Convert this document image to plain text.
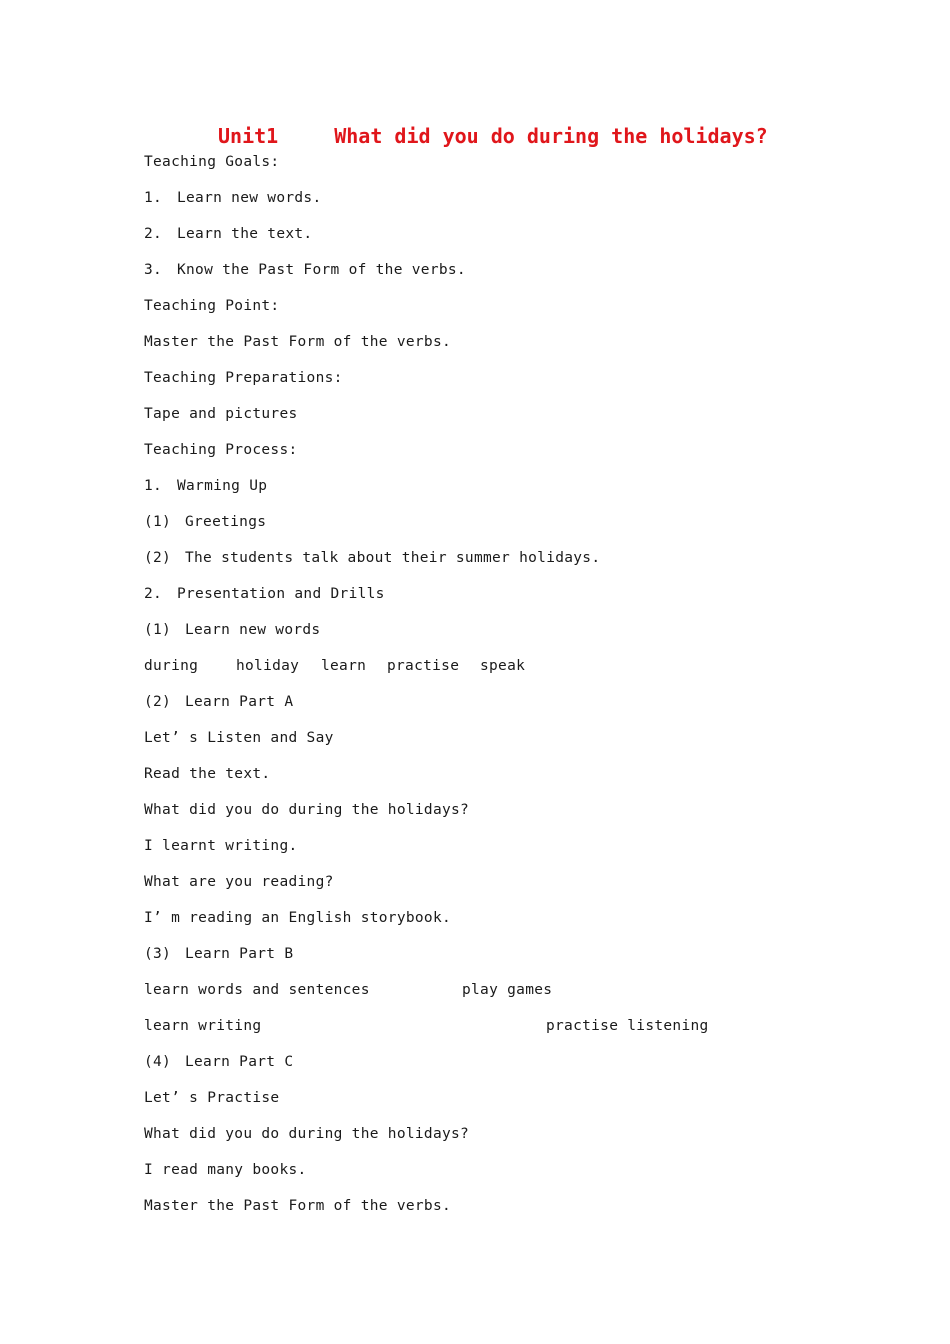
Unit1	What did you do during the holidays?
Teaching Goals:
1. Learn new words.
2. Learn the text.
3. Know the Past Form of the verbs.
Teaching Point:
Master the Past Form of the verbs.
Teaching Preparations:
Tape and pictures
Teaching Process:
1. Warming Up
(1) Greetings
(2) The students talk about their summer holidays.
2. Presentation and Drills
(1) Learn new words
during	holiday learn practise speak
(2) Learn Part A
Let’ s Listen and Say
Read the text.
What did you do during the holidays?
I learnt writing.
What are you reading?
I’ m reading an English storybook.
(3) Learn Part B
learn words and sentences	play games
learn writing	practise listening
(4) Learn Part C
Let’ s Practise
What did you do during the holidays?
I read many books.
Master the Past Form of the verbs.
